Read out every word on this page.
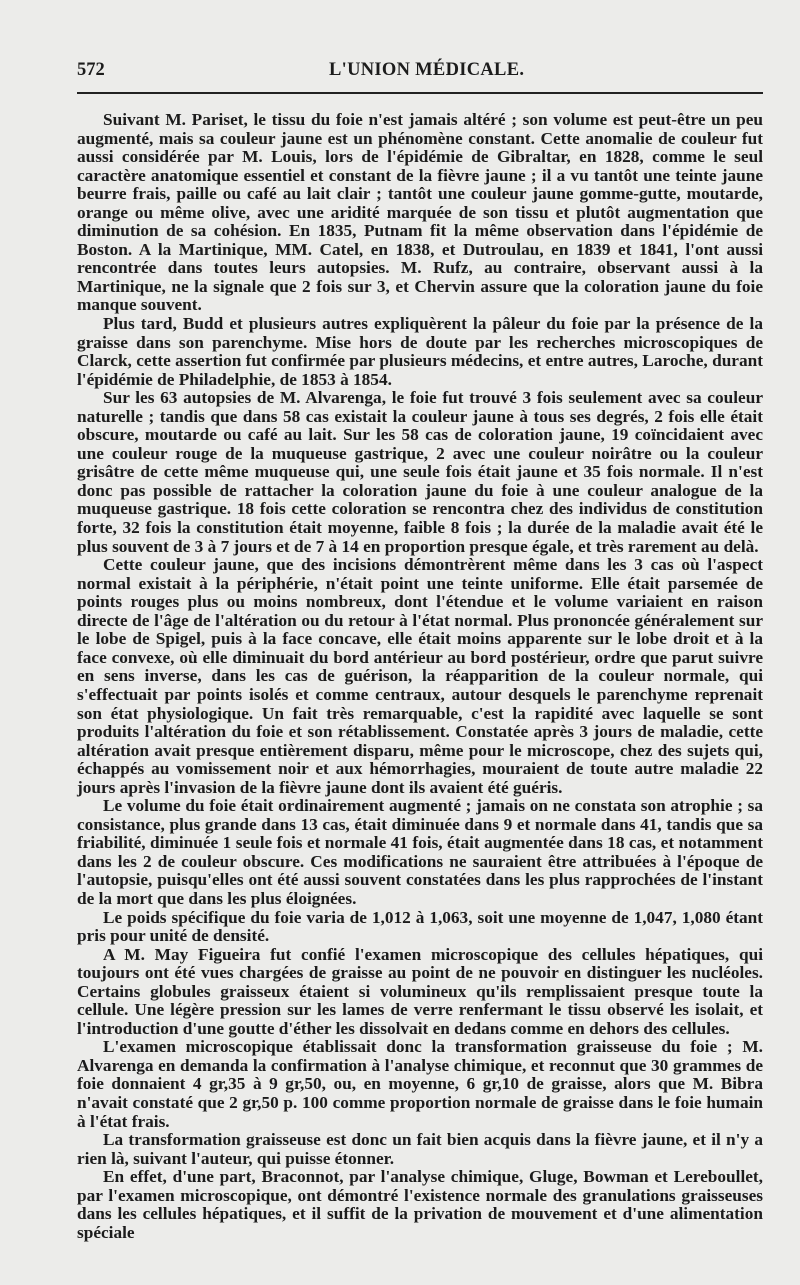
572	L'UNION MÉDICALE.

Suivant M. Pariset, le tissu du foie n'est jamais altéré ; son volume est peut-être un peu augmenté, mais sa couleur jaune est un phénomène constant. Cette anomalie de couleur fut aussi considérée par M. Louis, lors de l'épidémie de Gibraltar, en 1828, comme le seul caractère anatomique essentiel et constant de la fièvre jaune ; il a vu tantôt une teinte jaune beurre frais, paille ou café au lait clair ; tantôt une couleur jaune gomme-gutte, moutarde, orange ou même olive, avec une aridité marquée de son tissu et plutôt augmentation que diminution de sa cohésion. En 1835, Putnam fit la même observation dans l'épidémie de Boston. A la Martinique, MM. Catel, en 1838, et Dutroulau, en 1839 et 1841, l'ont aussi rencontrée dans toutes leurs autopsies. M. Rufz, au contraire, observant aussi à la Martinique, ne la signale que 2 fois sur 3, et Chervin assure que la coloration jaune du foie manque souvent.

Plus tard, Budd et plusieurs autres expliquèrent la pâleur du foie par la présence de la graisse dans son parenchyme. Mise hors de doute par les recherches microscopiques de Clarck, cette assertion fut confirmée par plusieurs médecins, et entre autres, Laroche, durant l'épidémie de Philadelphie, de 1853 à 1854.

Sur les 63 autopsies de M. Alvarenga, le foie fut trouvé 3 fois seulement avec sa couleur naturelle ; tandis que dans 58 cas existait la couleur jaune à tous ses degrés, 2 fois elle était obscure, moutarde ou café au lait. Sur les 58 cas de coloration jaune, 19 coïncidaient avec une couleur rouge de la muqueuse gastrique, 2 avec une couleur noirâtre ou la couleur grisâtre de cette même muqueuse qui, une seule fois était jaune et 35 fois normale. Il n'est donc pas possible de rattacher la coloration jaune du foie à une couleur analogue de la muqueuse gastrique. 18 fois cette coloration se rencontra chez des individus de constitution forte, 32 fois la constitution était moyenne, faible 8 fois ; la durée de la maladie avait été le plus souvent de 3 à 7 jours et de 7 à 14 en proportion presque égale, et très rarement au delà.

Cette couleur jaune, que des incisions démontrèrent même dans les 3 cas où l'aspect normal existait à la périphérie, n'était point une teinte uniforme. Elle était parsemée de points rouges plus ou moins nombreux, dont l'étendue et le volume variaient en raison directe de l'âge de l'altération ou du retour à l'état normal. Plus prononcée généralement sur le lobe de Spigel, puis à la face concave, elle était moins apparente sur le lobe droit et à la face convexe, où elle diminuait du bord antérieur au bord postérieur, ordre que parut suivre en sens inverse, dans les cas de guérison, la réapparition de la couleur normale, qui s'effectuait par points isolés et comme centraux, autour desquels le parenchyme reprenait son état physiologique. Un fait très remarquable, c'est la rapidité avec laquelle se sont produits l'altération du foie et son rétablissement. Constatée après 3 jours de maladie, cette altération avait presque entièrement disparu, même pour le microscope, chez des sujets qui, échappés au vomissement noir et aux hémorrhagies, mouraient de toute autre maladie 22 jours après l'invasion de la fièvre jaune dont ils avaient été guéris.

Le volume du foie était ordinairement augmenté ; jamais on ne constata son atrophie ; sa consistance, plus grande dans 13 cas, était diminuée dans 9 et normale dans 41, tandis que sa friabilité, diminuée 1 seule fois et normale 41 fois, était augmentée dans 18 cas, et notamment dans les 2 de couleur obscure. Ces modifications ne sauraient être attribuées à l'époque de l'autopsie, puisqu'elles ont été aussi souvent constatées dans les plus rapprochées de l'instant de la mort que dans les plus éloignées.

Le poids spécifique du foie varia de 1,012 à 1,063, soit une moyenne de 1,047, 1,080 étant pris pour unité de densité.

A M. May Figueira fut confié l'examen microscopique des cellules hépatiques, qui toujours ont été vues chargées de graisse au point de ne pouvoir en distinguer les nucléoles. Certains globules graisseux étaient si volumineux qu'ils remplissaient presque toute la cellule. Une légère pression sur les lames de verre renfermant le tissu observé les isolait, et l'introduction d'une goutte d'éther les dissolvait en dedans comme en dehors des cellules.

L'examen microscopique établissait donc la transformation graisseuse du foie ; M. Alvarenga en demanda la confirmation à l'analyse chimique, et reconnut que 30 grammes de foie donnaient 4 gr,35 à 9 gr,50, ou, en moyenne, 6 gr,10 de graisse, alors que M. Bibra n'avait constaté que 2 gr,50 p. 100 comme proportion normale de graisse dans le foie humain à l'état frais.

La transformation graisseuse est donc un fait bien acquis dans la fièvre jaune, et il n'y a rien là, suivant l'auteur, qui puisse étonner.

En effet, d'une part, Braconnot, par l'analyse chimique, Gluge, Bowman et Lereboullet, par l'examen microscopique, ont démontré l'existence normale des granulations graisseuses dans les cellules hépatiques, et il suffit de la privation de mouvement et d'une alimentation spéciale
